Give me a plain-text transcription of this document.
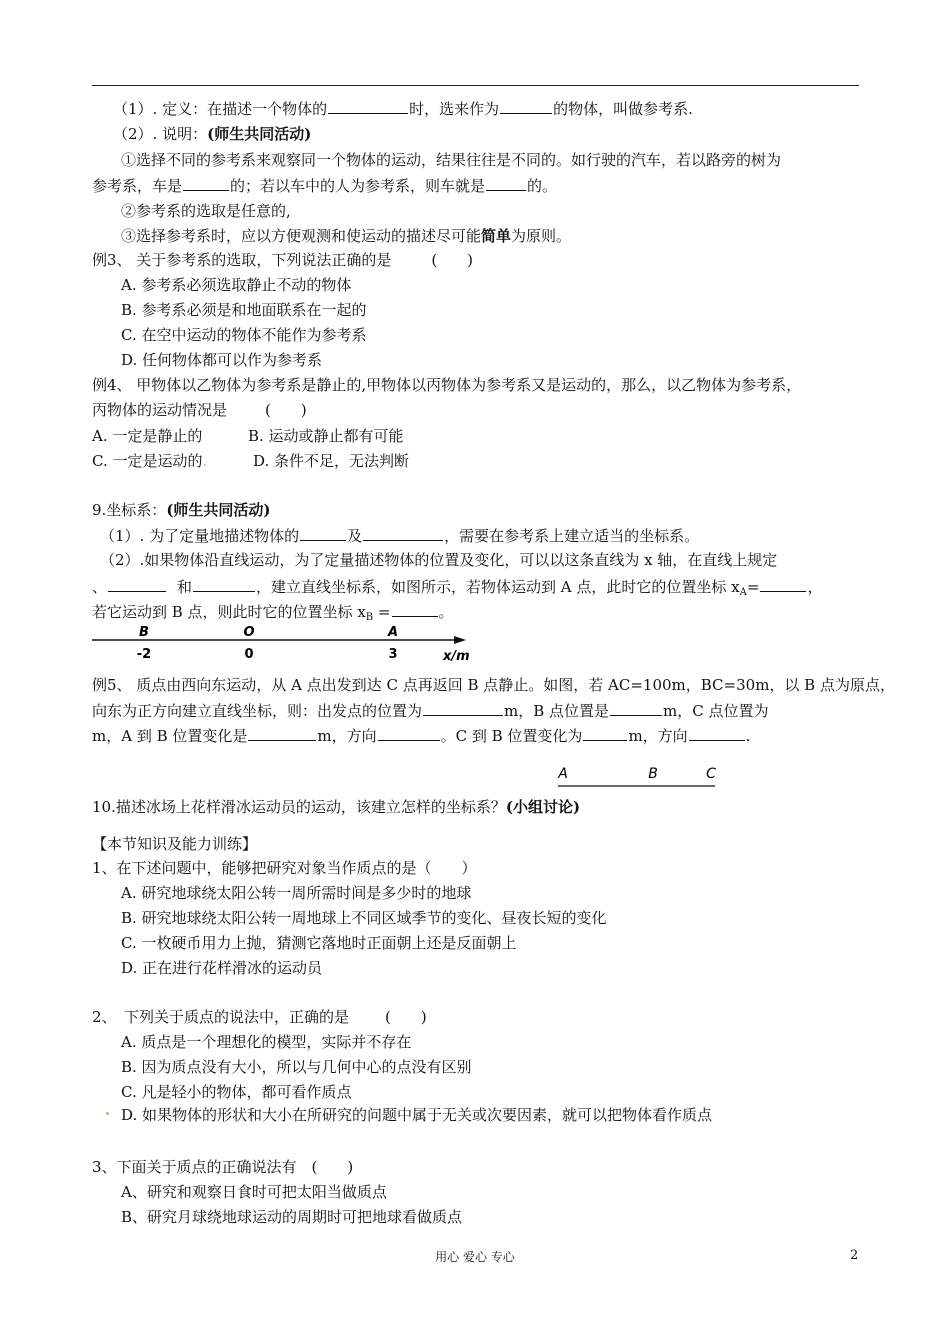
（1）. 定义：在描述一个物体的	时，选来作为	的物体，叫做参考系.
（2）. 说明：(师生共同活动)
①选择不同的参考系来观察同一个物体的运动，结果往往是不同的。如行驶的汽车，若以路旁的树为
参考系，车是	的；若以车中的人为参考系，则车就是	的。
②参考系的选取是任意的,
③选择参考系时，应以方便观测和使运动的描述尽可能简单为原则。
例3、 关于参考系的选取，下列说法正确的是	(　　)
A. 参考系必须选取静止不动的物体
B. 参考系必须是和地面联系在一起的
C. 在空中运动的物体不能作为参考系
D. 任何物体都可以作为参考系
例4、 甲物体以乙物体为参考系是静止的,甲物体以丙物体为参考系又是运动的，那么，以乙物体为参考系，
丙物体的运动情况是	(　　)
A. 一定是静止的	B. 运动或静止都有可能
C. 一定是运动的.	D. 条件不足，无法判断
9.坐标系：(师生共同活动)
（1）. 为了定量地描述物体的	及	，需要在参考系上建立适当的坐标系。
（2）.如果物体沿直线运动，为了定量描述物体的位置及变化，可以以这条直线为 x 轴，在直线上规定
、	和	，建立直线坐标系，如图所示，若物体运动到 A 点，此时它的位置坐标 $x_A=$	，
若它运动到 B 点，则此时它的位置坐标 $x_B$ =	。
B
-2
O
0
A
3	x/m
例5、 质点由西向东运动，从 A 点出发到达 C 点再返回 B 点静止。如图，若 AC=100m，BC=30m，以 B 点为原点，
向东为正方向建立直线坐标，则：出发点的位置为	m，B 点位置是	m，C 点位置为
m，A 到 B 位置变化是	m，方向	。C 到 B 位置变化为	m，方向	.
A	B	C
10.描述冰场上花样滑冰运动员的运动，该建立怎样的坐标系？(小组讨论)
【本节知识及能力训练】
1、在下述问题中，能够把研究对象当作质点的是（　　）
A. 研究地球绕太阳公转一周所需时间是多少时的地球
B. 研究地球绕太阳公转一周地球上不同区域季节的变化、昼夜长短的变化
C. 一枚硬币用力上抛，猜测它落地时正面朝上还是反面朝上
D. 正在进行花样滑冰的运动员
2、　下列关于质点的说法中，正确的是 (　　)
A. 质点是一个理想化的模型，实际并不存在
B. 因为质点没有大小，所以与几何中心的点没有区别
C. 凡是轻小的物体，都可看作质点
D. 如果物体的形状和大小在所研究的问题中属于无关或次要因素，就可以把物体看作质点
3、下面关于质点的正确说法有　(　　)
A、研究和观察日食时可把太阳当做质点
B、研究月球绕地球运动的周期时可把地球看做质点
用心 爱心 专心	2
